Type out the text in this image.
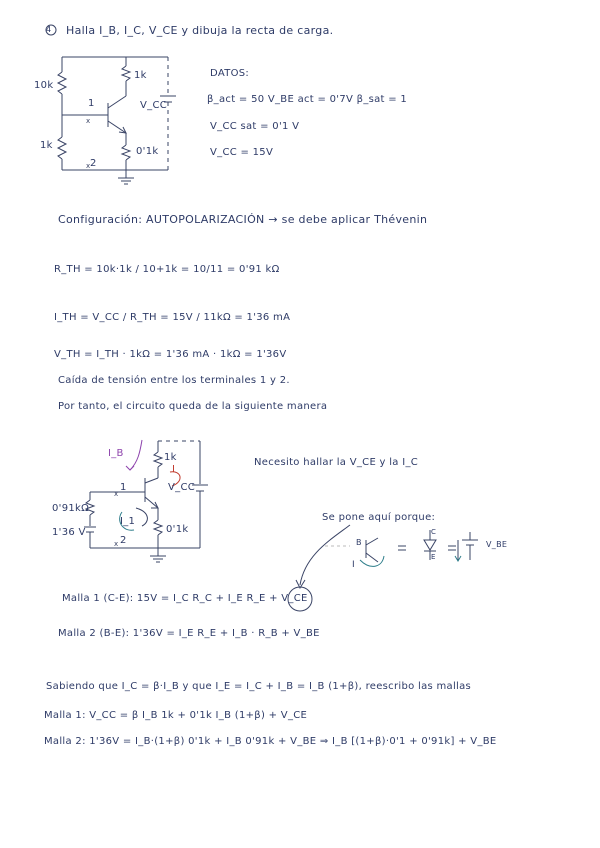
x
x
x
x
4 Halla I_B, I_C, V_CE y dibuja la recta de carga.
10k
1k
1k
0'1k
V_CC
1
2
DATOS:
β_act = 50 V_BE act = 0'7V β_sat = 1
V_CC sat = 0'1 V
V_CC = 15V
Configuración: AUTOPOLARIZACIÓN → se debe aplicar Thévenin
R_TH = 10k·1k / 10+1k = 10/11 = 0'91 kΩ
I_TH = V_CC / R_TH = 15V / 11kΩ = 1'36 mA
V_TH = I_TH · 1kΩ = 1'36 mA · 1kΩ = 1'36V
Caída de tensión entre los terminales 1 y 2.
Por tanto, el circuito queda de la siguiente manera
I_B
I
1k
0'91kΩ
1'36 V	0'1k
V_CC
I_1
2
1
Necesito hallar la V_CE y la I_C
Se pone aquí porque:
B
I
C
E
V_BE
Malla 1 (C-E): 15V = I_C R_C + I_E R_E + V_CE
Malla 2 (B-E): 1'36V = I_E R_E + I_B · R_B + V_BE
Sabiendo que I_C = β·I_B y que I_E = I_C + I_B = I_B (1+β), reescribo las mallas
Malla 1: V_CC = β I_B 1k + 0'1k I_B (1+β) + V_CE
Malla 2: 1'36V = I_B·(1+β) 0'1k + I_B 0'91k + V_BE ⇒ I_B [(1+β)·0'1 + 0'91k] + V_BE
